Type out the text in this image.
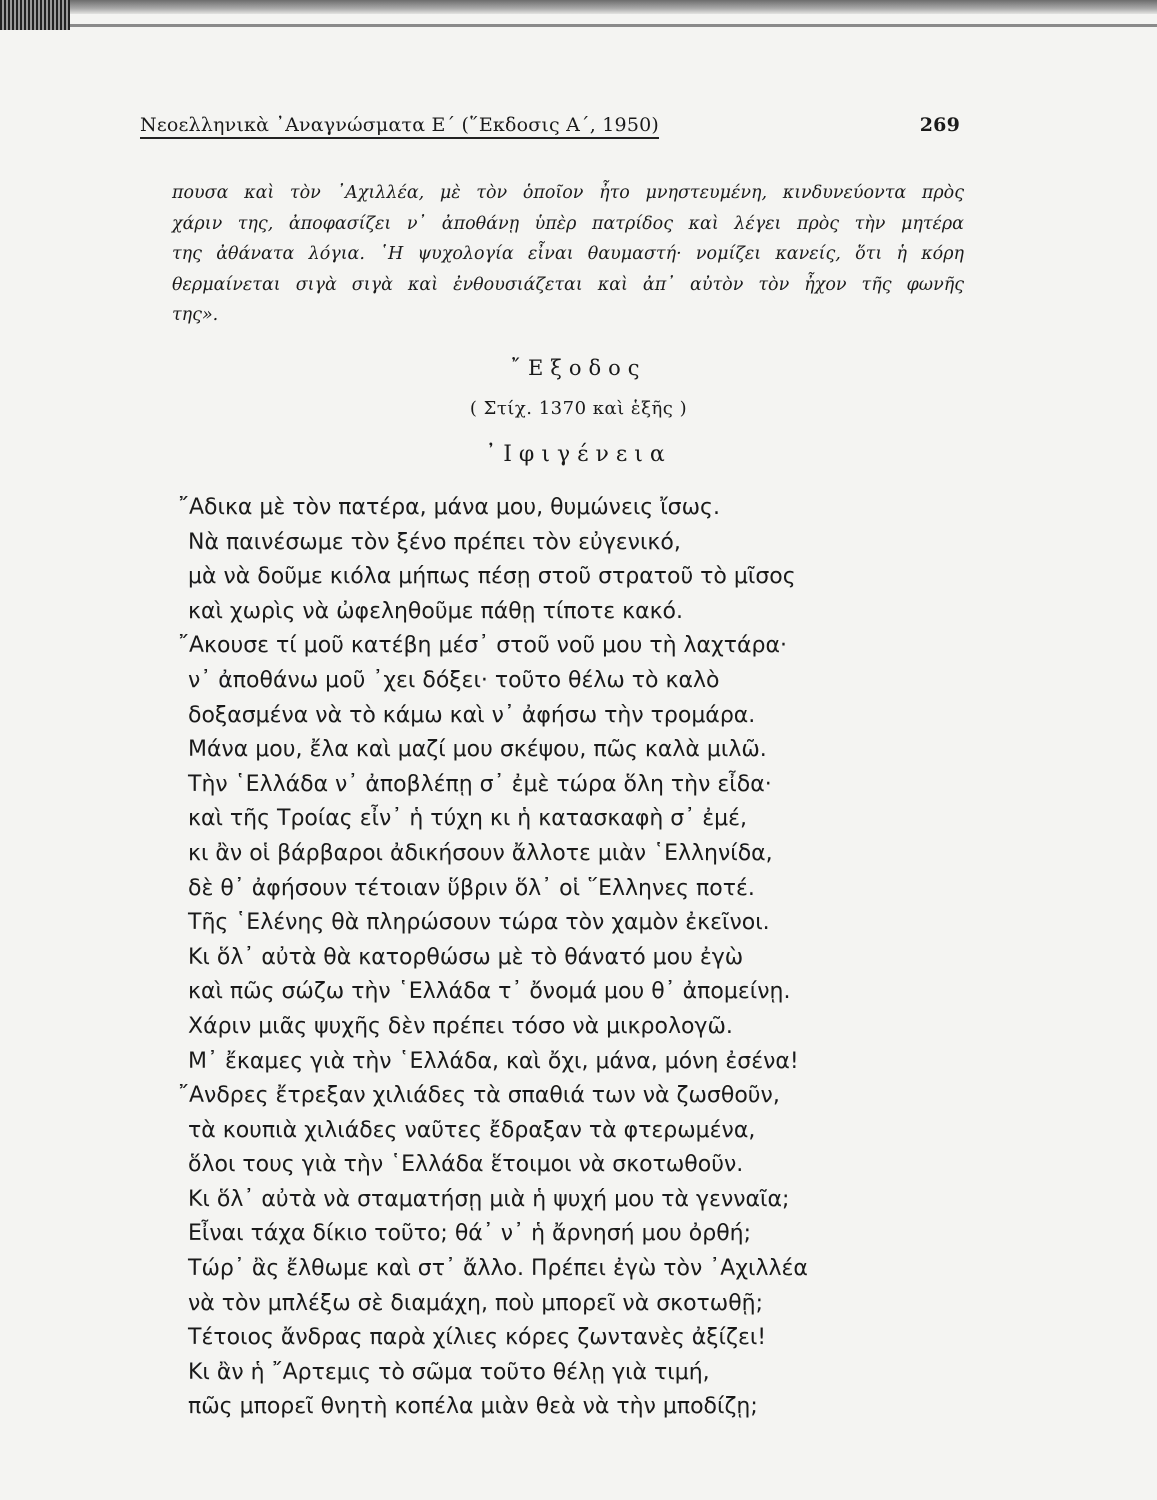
Νεοελληνικὰ ᾿Αναγνώσματα Ε΄ (῞Εκδοσις Α΄, 1950)	269
πουσα καὶ τὸν ᾿Αχιλλέα, μὲ τὸν ὁποῖον ἦτο μνηστευμένη, κινδυνεύοντα πρὸς
χάριν της, ἀποφασίζει ν᾿ ἀποθάνῃ ὑπὲρ πατρίδος καὶ λέγει πρὸς τὴν μητέρα
της ἀθάνατα λόγια. ῾Η ψυχολογία εἶναι θαυμαστή· νομίζει κανείς, ὅτι ἡ κόρη
θερμαίνεται σιγὰ σιγὰ καὶ ἐνθουσιάζεται καὶ ἀπ᾿ αὐτὸν τὸν ἦχον τῆς φωνῆς
της».
῎Εξοδος
( Στίχ. 1370 καὶ ἑξῆς )
᾿Ιφιγένεια
῎Αδικα μὲ τὸν πατέρα, μάνα μου, θυμώνεις ἴσως.
Νὰ παινέσωμε τὸν ξένο πρέπει τὸν εὐγενικό,
μὰ νὰ δοῦμε κιόλα μήπως πέσῃ στοῦ στρατοῦ τὸ μῖσος
καὶ χωρὶς νὰ ὠφεληθοῦμε πάθῃ τίποτε κακό.
῎Ακουσε τί μοῦ κατέβη μέσ᾿ στοῦ νοῦ μου τὴ λαχτάρα·
ν᾿ ἀποθάνω μοῦ ᾿χει δόξει· τοῦτο θέλω τὸ καλὸ
δοξασμένα νὰ τὸ κάμω καὶ ν᾿ ἀφήσω τὴν τρομάρα.
Μάνα μου, ἔλα καὶ μαζί μου σκέψου, πῶς καλὰ μιλῶ.
Τὴν ῾Ελλάδα ν᾿ ἀποβλέπῃ σ᾿ ἐμὲ τώρα ὅλη τὴν εἶδα·
καὶ τῆς Τροίας εἶν᾿ ἡ τύχη κι ἡ κατασκαφὴ σ᾿ ἐμέ,
κι ἂν οἱ βάρβαροι ἀδικήσουν ἄλλοτε μιὰν ῾Ελληνίδα,
δὲ θ᾿ ἀφήσουν τέτοιαν ὕβριν ὅλ᾿ οἱ ῞Ελληνες ποτέ.
Τῆς ῾Ελένης θὰ πληρώσουν τώρα τὸν χαμὸν ἐκεῖνοι.
Κι ὅλ᾿ αὐτὰ θὰ κατορθώσω μὲ τὸ θάνατό μου ἐγὼ
καὶ πῶς σώζω τὴν ῾Ελλάδα τ᾿ ὄνομά μου θ᾿ ἀπομείνῃ.
Χάριν μιᾶς ψυχῆς δὲν πρέπει τόσο νὰ μικρολογῶ.
Μ᾿ ἔκαμες γιὰ τὴν ῾Ελλάδα, καὶ ὄχι, μάνα, μόνη ἐσένα!
῎Ανδρες ἔτρεξαν χιλιάδες τὰ σπαθιά των νὰ ζωσθοῦν,
τὰ κουπιὰ χιλιάδες ναῦτες ἔδραξαν τὰ φτερωμένα,
ὅλοι τους γιὰ τὴν ῾Ελλάδα ἕτοιμοι νὰ σκοτωθοῦν.
Κι ὅλ᾿ αὐτὰ νὰ σταματήσῃ μιὰ ἡ ψυχή μου τὰ γενναῖα;
Εἶναι τάχα δίκιο τοῦτο; θά᾿ ν᾿ ἡ ἄρνησή μου ὀρθή;
Τώρ᾿ ἂς ἔλθωμε καὶ στ᾿ ἄλλο. Πρέπει ἐγὼ τὸν ᾿Αχιλλέα
νὰ τὸν μπλέξω σὲ διαμάχη, ποὺ μπορεῖ νὰ σκοτωθῇ;
Τέτοιος ἄνδρας παρὰ χίλιες κόρες ζωντανὲς ἀξίζει!
Κι ἂν ἡ ῎Αρτεμις τὸ σῶμα τοῦτο θέλῃ γιὰ τιμή,
πῶς μπορεῖ θνητὴ κοπέλα μιὰν θεὰ νὰ τὴν μποδίζῃ;
